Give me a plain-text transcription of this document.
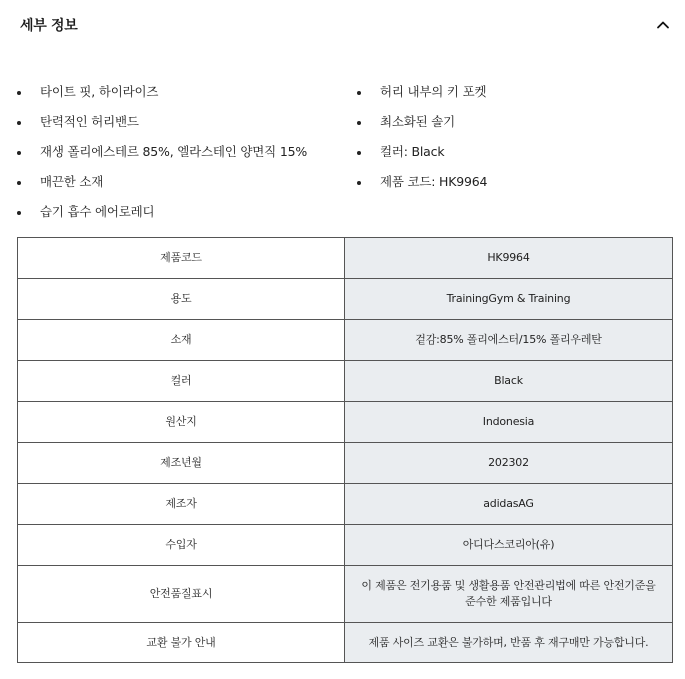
세부 정보
타이트 핏, 하이라이즈	허리 내부의 키 포켓
탄력적인 허리밴드	최소화된 솔기
재생 폴리에스테르 85%, 엘라스테인 양면직 15%	컬러: Black
매끈한 소재	제품 코드: HK9964
습기 흡수 에어로레디
제품코드	HK9964
용도	TrainingGym & Training
소재	겉감:85% 폴리에스터/15% 폴리우레탄
컬러	Black
원산지	Indonesia
제조년월	202302
제조자	adidasAG
수입자	아디다스코리아(유)
안전품질표시	이 제품은 전기용품 및 생활용품 안전관리법에 따른 안전기준을 준수한 제품입니다
교환 불가 안내	제품 사이즈 교환은 불가하며, 반품 후 재구매만 가능합니다.
